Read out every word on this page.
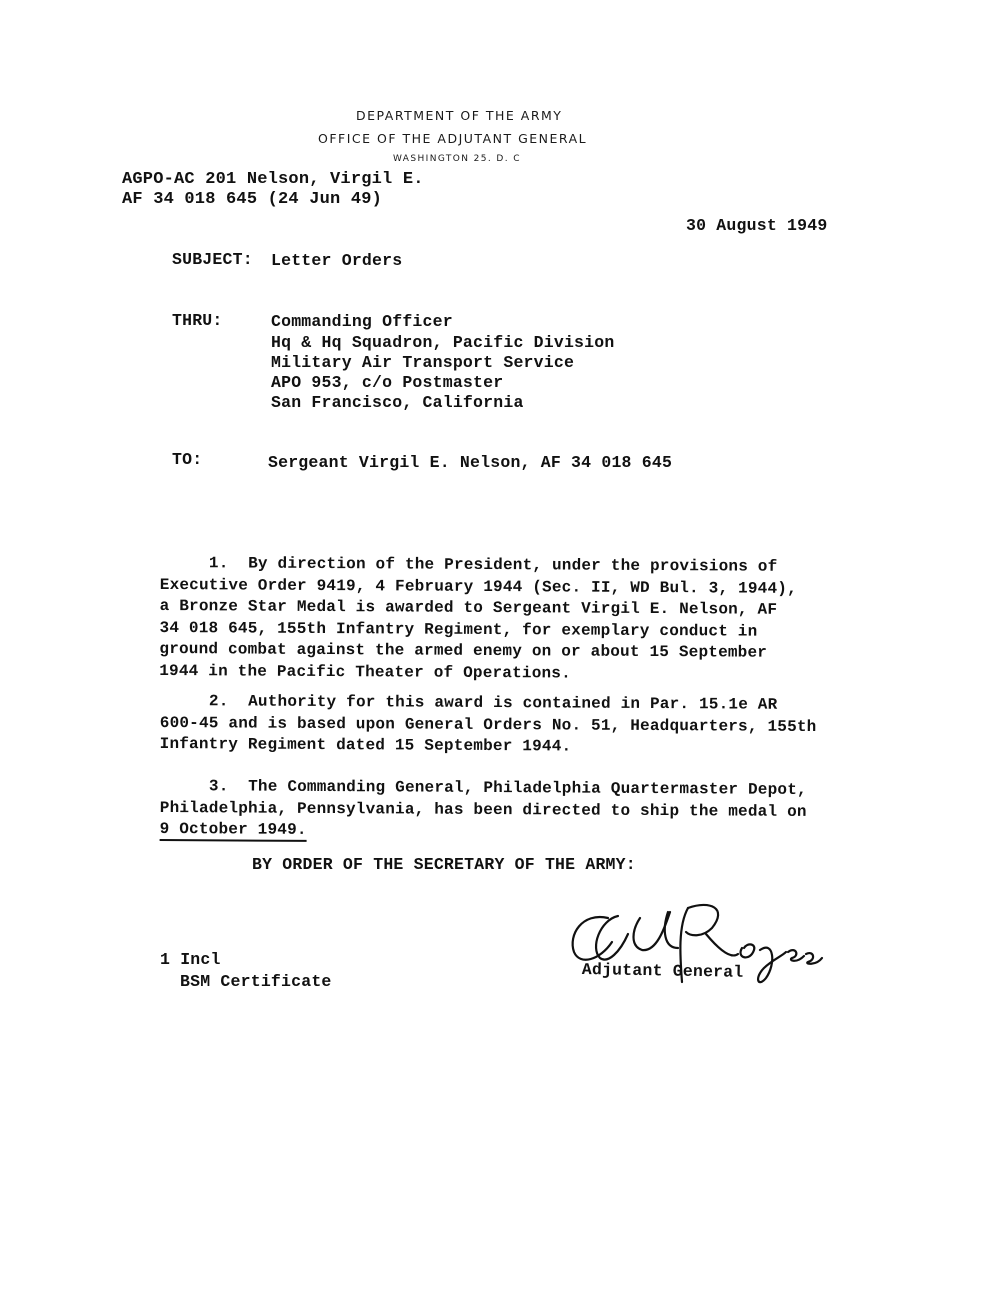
DEPARTMENT OF THE ARMY
OFFICE OF THE ADJUTANT GENERAL
WASHINGTON 25. D. C
AGPO-AC 201 Nelson, Virgil E.
AF 34 018 645 (24 Jun 49)
30 August 1949
SUBJECT: Letter Orders
THRU:	Commanding Officer
Hq & Hq Squadron, Pacific Division
Military Air Transport Service
APO 953, c/o Postmaster
San Francisco, California
TO:	Sergeant Virgil E. Nelson, AF 34 018 645
1.  By direction of the President, under the provisions of
Executive Order 9419, 4 February 1944 (Sec. II, WD Bul. 3, 1944),
a Bronze Star Medal is awarded to Sergeant Virgil E. Nelson, AF
34 018 645, 155th Infantry Regiment, for exemplary conduct in
ground combat against the armed enemy on or about 15 September
1944 in the Pacific Theater of Operations.
2.  Authority for this award is contained in Par. 15.1e AR
600-45 and is based upon General Orders No. 51, Headquarters, 155th
Infantry Regiment dated 15 September 1944.
3.  The Commanding General, Philadelphia Quartermaster Depot,
Philadelphia, Pennsylvania, has been directed to ship the medal on
9 October 1949.
BY ORDER OF THE SECRETARY OF THE ARMY:
Adjutant General
1 Incl
BSM Certificate
